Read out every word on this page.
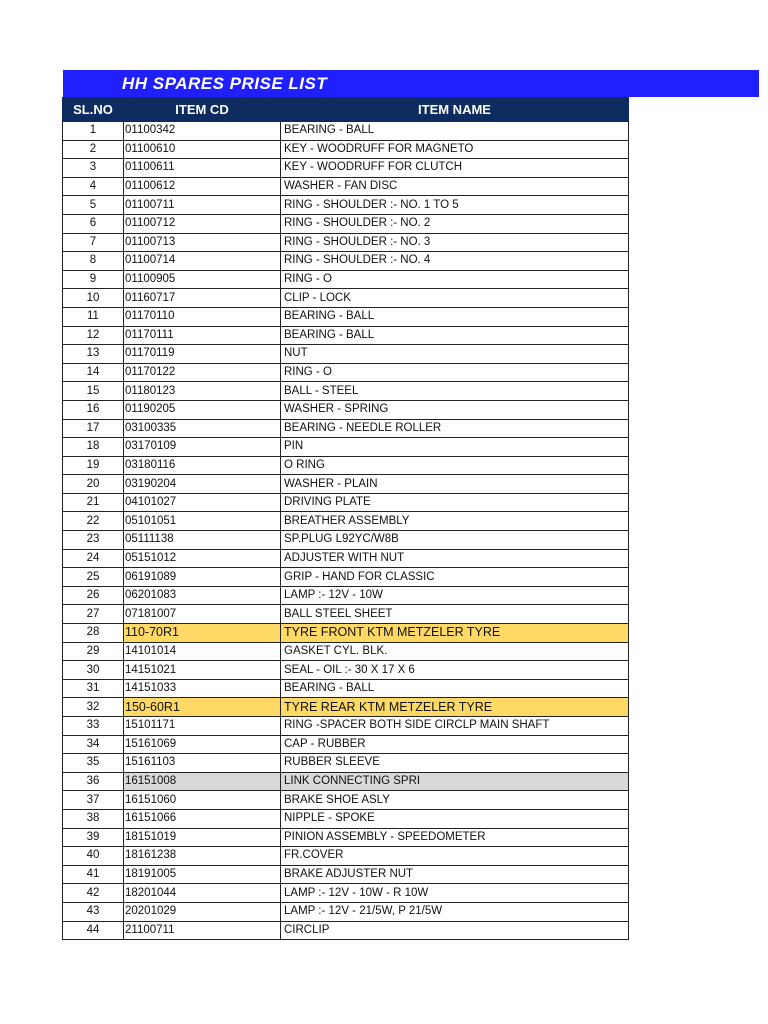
HH SPARES PRISE LIST
SL.NO	ITEM CD	ITEM NAME
1	01100342	BEARING - BALL
2	01100610	KEY - WOODRUFF FOR MAGNETO
3	01100611	KEY - WOODRUFF FOR CLUTCH
4	01100612	WASHER - FAN DISC
5	01100711	RING - SHOULDER :- NO. 1 TO 5
6	01100712	RING - SHOULDER :- NO. 2
7	01100713	RING - SHOULDER :- NO. 3
8	01100714	RING - SHOULDER :- NO. 4
9	01100905	RING - O
10	01160717	CLIP - LOCK
11	01170110	BEARING - BALL
12	01170111	BEARING - BALL
13	01170119	NUT
14	01170122	RING - O
15	01180123	BALL - STEEL
16	01190205	WASHER - SPRING
17	03100335	BEARING - NEEDLE ROLLER
18	03170109	PIN
19	03180116	O RING
20	03190204	WASHER - PLAIN
21	04101027	DRIVING PLATE
22	05101051	BREATHER ASSEMBLY
23	05111138	SP.PLUG L92YC/W8B
24	05151012	ADJUSTER WITH NUT
25	06191089	GRIP - HAND FOR CLASSIC
26	06201083	LAMP :- 12V - 10W
27	07181007	BALL STEEL SHEET
28	110-70R1	TYRE FRONT KTM METZELER TYRE
29	14101014	GASKET CYL. BLK.
30	14151021	SEAL - OIL :- 30 X 17 X 6
31	14151033	BEARING - BALL
32	150-60R1	TYRE REAR KTM METZELER TYRE
33	15101171	RING -SPACER BOTH SIDE CIRCLP MAIN SHAFT
34	15161069	CAP - RUBBER
35	15161103	RUBBER SLEEVE
36	16151008	LINK CONNECTING SPRI
37	16151060	BRAKE SHOE ASLY
38	16151066	NIPPLE - SPOKE
39	18151019	PINION ASSEMBLY - SPEEDOMETER
40	18161238	FR.COVER
41	18191005	BRAKE ADJUSTER NUT
42	18201044	LAMP :- 12V - 10W - R 10W
43	20201029	LAMP :- 12V - 21/5W, P 21/5W
44	21100711	CIRCLIP
